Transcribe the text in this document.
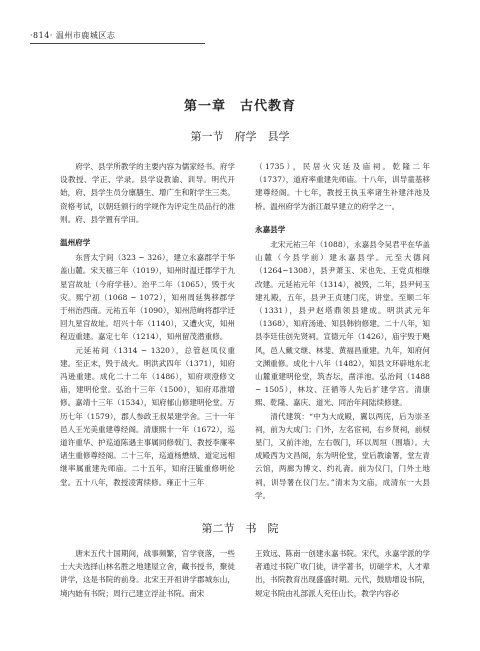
·814· 温州市鹿城区志
第一章　古代教育
第一节　府学　县学

府学、县学所教学的主要内容为儒家经书。府学设教授、学正、学录。县学设教谕、训导。明代开始，府、县学生员分廪膳生、增广生和附学生三类。资格考试，以朝廷颁行的学规作为评定生员品行的准则。府、县学置有学田。

温州府学

东晋太宁间（323 ~ 326），建立永嘉郡学于华盖山麓。宋天禧三年（1019），知州时温迁郡学于九星宫故址（今府学巷）。治平二年（1065），毁于火灾。熙宁初（1068 ~ 1072），知州周延隽移郡学于州治西南。元祐五年（1090），知州范峋将郡学迁回九星宫故址。绍兴十年（1140），又遭火灾，知州程迈重建。嘉定七年（1214），知州留茂潜重修。

元延祐间（1314 ~ 1320），总管赵凤仪重建。至正末，毁于战火。明洪武四年（1371），知府冯逊重建。成化二十二年（1486），知府项澄修文庙，建明伦堂。弘治十三年（1500），知府邓淮增修。嘉靖十三年（1534），知府郁山修建明伦堂。万历七年（1579），郡人参政王叔杲建学舍。三十一年邑人王光美重建尊经阁。清康熙十一年（1672），巡道许重华、护巡道陈遇主事属同修戟门、教授李廉率诸生重修尊经阁。二十三年，巡道杨懋绩、道定远相继率属重建先师庙。二十五年，知府汪毓重修明伦堂。五十八年，教授凌霄续修。雍正十三年

（1735），民居火灾延及庙祠。乾隆二年（1737），道府率重建先师庙。十八年，训导童基移建尊经阁。十七年，教授王执玉率诸生补建泮池及桥。温州府学为浙江最早建立的府学之一。

永嘉县学

北宋元祐三年（1088），永嘉县令吴君平在华盖山麓（今县学前）建永嘉县学。元至大德间（1264~1308），县尹萧玉、宋也先、王党贞相继改建。元延祐元年（1314），被毁，二年，县尹何玉建礼殿，五年，县尹王贞建门庑，讲堂。至顺二年（1331），县尹赵塔鼎领县建成。明洪武元年（1368），知府汤逊、知县韩钧修建。二十八年，知县李廷佳创先贤祠。宣德元年（1426），庙宇毁于飓风，邑人戴文继、林斐、黄福昌重建。九年，知府何文渊重修。成化十八年（1482），知县文环辟地东北山麓重建明伦堂，筑杏坛，凿洋池。弘治间（1488 ~ 1505），林坟、汪循等人先后扩建学宫。清康熙、乾隆、嘉庆、道光、同治年间陆续修建。

清代建筑：“中为大成殿，翼以两庑，后为崇圣祠，前为大成门；门外，左名宦祠，右乡贤祠，前棂星门，又前泮池，左右戟门，环以周垣（围墙）。大成殿西为文昌阁，东为明伦堂，堂后教谕署，堂左青云馆，两廊为博文、约礼斋。前为仪门，门外土地祠，训导署在仪门左。”清末为文庙，成清东一大县学。

第二节　书　院

唐末五代十国期间，战事频繁，官学衰落，一些士大夫选择山林名胜之地建屋立舍，藏书授书，聚徒讲学，这是书院的前身。北宋王开祖讲学郡城东山，境内始有书院；周行己建立浮沚书院。南宋

王致远、陈南一创建永嘉书院。宋代，永嘉学派的学者通过书院广收门徒，讲学著书，切磋学术，人才辈出，书院教育出现盛盛时期。元代，鼓励增设书院，规定书院由礼部派人充任山长，教学内容必
